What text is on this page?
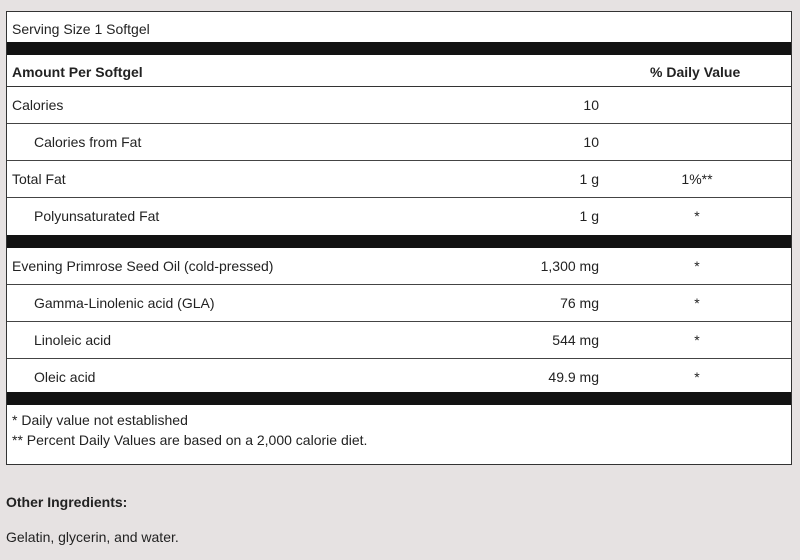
Serving Size 1 Softgel
Amount Per Softgel	% Daily Value
Calories	10
Calories from Fat	10
Total Fat	1 g	1%**
Polyunsaturated Fat	1 g	*
Evening Primrose Seed Oil (cold-pressed)	1,300 mg	*
Gamma-Linolenic acid (GLA)	76 mg	*
Linoleic acid	544 mg	*
Oleic acid	49.9 mg	*
* Daily value not established
** Percent Daily Values are based on a 2,000 calorie diet.
Other Ingredients:
Gelatin, glycerin, and water.
